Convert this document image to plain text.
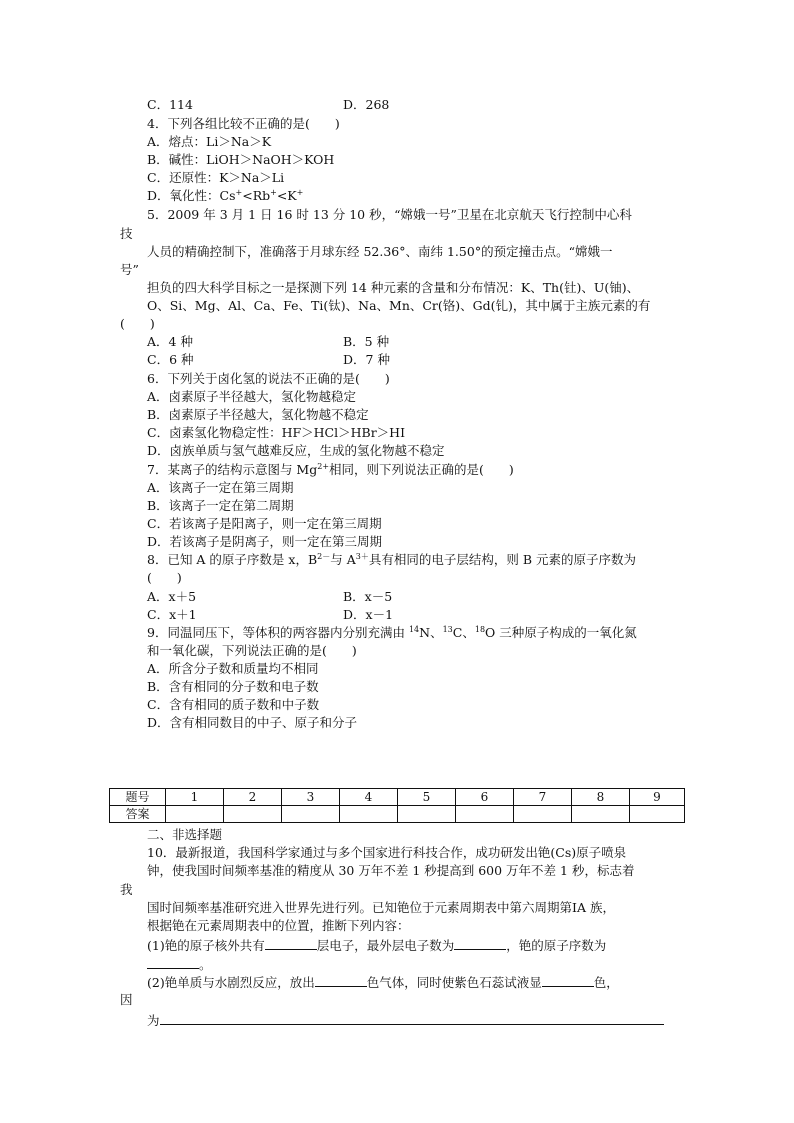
C．114	D．268
4．下列各组比较不正确的是(　　)
A．熔点：Li＞Na＞K
B．碱性：LiOH＞NaOH＞KOH
C．还原性：K＞Na＞Li
D．氧化性：Cs+<Rb+<K+
5．2009 年 3 月 1 日 16 时 13 分 10 秒，“嫦娥一号”卫星在北京航天飞行控制中心科
技
人员的精确控制下，准确落于月球东经 52.36°、南纬 1.50°的预定撞击点。“嫦娥一
号”
担负的四大科学目标之一是探测下列 14 种元素的含量和分布情况：K、Th(钍)、U(铀)、
O、Si、Mg、Al、Ca、Fe、Ti(钛)、Na、Mn、Cr(铬)、Gd(钆)，其中属于主族元素的有
(　　)
A．4 种	B．5 种
C．6 种	D．7 种
6．下列关于卤化氢的说法不正确的是(　　)
A．卤素原子半径越大，氢化物越稳定
B．卤素原子半径越大，氢化物越不稳定
C．卤素氢化物稳定性：HF＞HCl＞HBr＞HI
D．卤族单质与氢气越难反应，生成的氢化物越不稳定
7．某离子的结构示意图与 $Mg^{2+}$相同，则下列说法正确的是(　　)
A．该离子一定在第三周期
B．该离子一定在第二周期
C．若该离子是阳离子，则一定在第三周期
D．若该离子是阴离子，则一定在第三周期
8．已知 A 的原子序数是 x，$B^{2-}$与 $A^{3+}$具有相同的电子层结构，则 B 元素的原子序数为
(　　)
A．x＋5	B．x－5
C．x＋1	D．x－1
9．同温同压下，等体积的两容器内分别充满由 $^{14}$N、$^{13}$C、$^{18}$O 三种原子构成的一氧化氮
和一氧化碳，下列说法正确的是(　　)
A．所含分子数和质量均不相同
B．含有相同的分子数和电子数
C．含有相同的质子数和中子数
D．含有相同数目的中子、原子和分子
题号	1	2	3	4	5	6	7	8	9
答案									
二、非选择题
10．最新报道，我国科学家通过与多个国家进行科技合作，成功研发出铯(Cs)原子喷泉
钟，使我国时间频率基准的精度从 30 万年不差 1 秒提高到 600 万年不差 1 秒，标志着
我
国时间频率基准研究进入世界先进行列。已知铯位于元素周期表中第六周期第ⅠA 族，
根据铯在元素周期表中的位置，推断下列内容：
(1)铯的原子核外共有	层电子，最外层电子数为	，铯的原子序数为
。
(2)铯单质与水剧烈反应，放出	色气体，同时使紫色石蕊试液显	色，
因
为
